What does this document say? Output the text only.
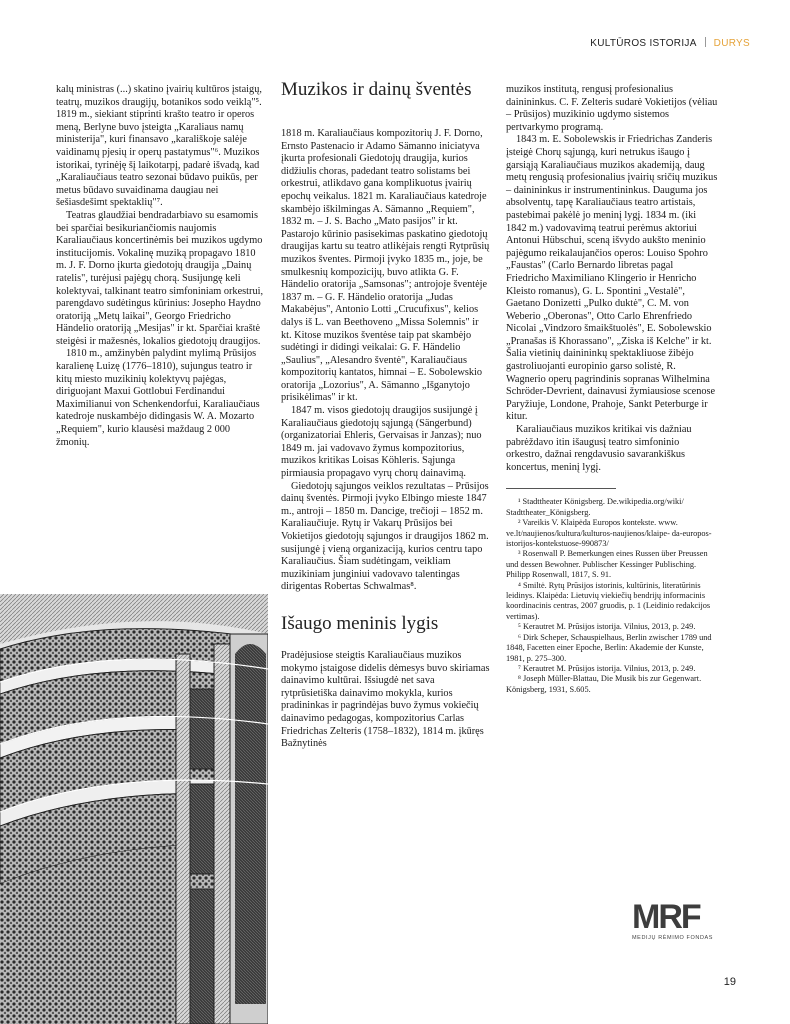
KULTŪROS ISTORIJA DURYS

kalų ministras (...) skatino įvairių kultūros įstaigų, teatrų, muzikos draugijų, botanikos sodo veiklą"⁵. 1819 m., siekiant stiprinti krašto teatro ir operos meną, Berlyne buvo įsteigta „Karaliaus namų ministerija", kuri finansavo „karališkoje salėje vaidinamų pjesių ir operų pastatymus"⁶. Muzikos istorikai, tyrinėję šį laikotarpį, padarė išvadą, kad „Karaliaučiaus teatro sezonai būdavo puikūs, per metus būdavo suvaidinama daugiau nei šešiasdešimt spektaklių"⁷.

Teatras glaudžiai bendradarbiavo su esamomis bei sparčiai besikuriančiomis naujomis Karaliaučiaus koncertinėmis bei muzikos ugdymo institucijomis. Vokalinę muziką propagavo 1810 m. J. F. Dorno įkurta giedotojų draugija „Dainų ratelis", turėjusi pajėgų chorą. Susijungę keli kolektyvai, talkinant teatro simfoniniam orkestrui, parengdavo sudėtingus kūrinius: Josepho Haydno oratoriją „Metų laikai", Georgo Friedricho Händelio oratoriją „Mesijas" ir kt. Sparčiai kraštė steigėsi ir mažesnės, lokalios giedotojų draugijos.

1810 m., amžinybėn palydint mylimą Prūsijos karalienę Luizę (1776–1810), sujungus teatro ir kitų miesto muzikinių kolektyvų pajėgas, diriguojant Maxui Gottlobui Ferdinandui Maximilianui von Schenkendorfui, Karaliaučiaus katedroje nuskambėjo didingasis W. A. Mozarto „Requiem", kurio klausėsi maždaug 2 000 žmonių.

Muzikos ir dainų šventės

1818 m. Karaliaučiaus kompozitorių J. F. Dorno, Ernsto Pastenacio ir Adamo Sämanno iniciatyva įkurta profesionali Giedotojų draugija, kurios didžiulis choras, padedant teatro solistams bei orkestrui, atlikdavo gana komplikuotus įvairių epochų veikalus. 1821 m. Karaliaučiaus katedroje skambėjo iškilmingas A. Sämanno „Requiem", 1832 m. – J. S. Bacho „Mato pasijos" ir kt. Pastarojo kūrinio pasisekimas paskatino giedotojų draugijas kartu su teatro atlikėjais rengti Rytprūsių muzikos šventes. Pirmoji įvyko 1835 m., joje, be smulkesnių kompozicijų, buvo atlikta G. F. Händelio oratorija „Samsonas"; antrojoje šventėje 1837 m. – G. F. Händelio oratorija „Judas Makabėjus", Antonio Lotti „Crucufixus", kelios dalys iš L. van Beethoveno „Missa Solemnis" ir kt. Kitose muzikos šventėse taip pat skambėjo sudėtingi ir didingi veikalai: G. F. Händelio „Saulius", „Alesandro šventė", Karaliaučiaus kompozitorių kantatos, himnai – E. Sobolewskio oratorija „Lozorius", A. Sämanno „Išganytojo prisikėlimas" ir kt.

1847 m. visos giedotojų draugijos susijungė į Karaliaučiaus giedotojų sąjungą (Sängerbund) (organizatoriai Ehleris, Gervaisas ir Janzas); nuo 1849 m. jai vadovavo žymus kompozitorius, muzikos kritikas Loisas Köhleris. Sąjunga pirmiausia propagavo vyrų chorų dainavimą.

Giedotojų sąjungos veiklos rezultatas – Prūsijos dainų šventės. Pirmoji įvyko Elbingo mieste 1847 m., antroji – 1850 m. Dancige, trečioji – 1852 m. Karaliaučiuje. Rytų ir Vakarų Prūsijos bei Vokietijos giedotojų sąjungos ir draugijos 1862 m. susijungė į vieną organizaciją, kurios centru tapo Karaliaučius. Šiam sudėtingam, veikliam muzikiniam junginiui vadovavo talentingas dirigentas Robertas Schwalmas⁸.

Išaugo meninis lygis

Pradėjusiose steigtis Karaliaučiaus muzikos mokymo įstaigose didelis dėmesys buvo skiriamas dainavimo kultūrai. Išsiugdė net sava rytprūsietiška dainavimo mokykla, kurios pradininkas ir pagrindėjas buvo žymus vokiečių dainavimo pedagogas, kompozitorius Carlas Friedrichas Zelteris (1758–1832), 1814 m. įkūręs Bažnytinės

muzikos institutą, rengusį profesionalius dainininkus. C. F. Zelteris sudarė Vokietijos (vėliau – Prūsijos) muzikinio ugdymo sistemos pertvarkymo programą.

1843 m. E. Sobolewskis ir Friedrichas Zanderis įsteigė Chorų sąjungą, kuri netrukus išaugo į garsiąją Karaliaučiaus muzikos akademiją, daug metų rengusią profesionalius įvairių sričių muzikus – dainininkus ir instrumentininkus. Dauguma jos absolventų, tapę Karaliaučiaus teatro artistais, pastebimai pakėlė jo meninį lygį. 1834 m. (iki 1842 m.) vadovavimą teatrui perėmus aktoriui Antonui Hübschui, sceną išvydo aukšto meninio pajėgumo reikalaujančios operos: Louiso Spohro „Faustas" (Carlo Bernardo libretas pagal Friedricho Maximiliano Klingerio ir Henricho Kleisto romanus), G. L. Spontini „Vestalė", Gaetano Donizetti „Pulko duktė", C. M. von Weberio „Oberonas", Otto Carlo Ehrenfriedo Nicolai „Vindzoro šmaikštuolės", E. Sobolewskio „Pranašas iš Khorassano", „Ziska iš Kelche" ir kt. Šalia vietinių dainininkų spektakliuose žibėjo gastroliuojanti europinio garso solistė, R. Wagnerio operų pagrindinis sopranas Wilhelmina Schröder-Devrient, dainavusi žymiausiose scenose Paryžiuje, Londone, Prahoje, Sankt Peterburge ir kitur.

Karaliaučiaus muzikos kritikai vis dažniau pabrėždavo itin išaugusį teatro simfoninio orkestro, dažnai rengdavusio savarankiškus koncertus, meninį lygį.

¹ Stadttheater Königsberg. De.wikipedia.org/wiki/ Stadttheater_Königsberg.

² Vareikis V. Klaipėda Europos kontekste. www. ve.lt/naujienos/kultura/kulturos-naujienos/klaipe- da-europos-istorijos-kontekstuose-990873/

³ Rosenwall P. Bemerkungen eines Russen über Preussen und dessen Bewohner. Publischer Kessinger Publisching. Philipp Rosenwall, 1817, S. 91.

⁴ Smiltė. Rytų Prūsijos istorinis, kultūrinis, literatūrinis leidinys. Klaipėda: Lietuvių viekiečių bendrijų informacinis koordinacinis centras, 2007 gruodis, p. 1 (Leidinio redakcijos vertimas).

⁵ Kerautret M. Prūsijos istorija. Vilnius, 2013, p. 249.

⁶ Dirk Scheper, Schauspielhaus, Berlin zwischer 1789 und 1848, Facetten einer Epoche, Berlin: Akademie der Kunste, 1981, p. 275–300.

⁷ Kerautret M. Prūsijos istorija. Vilnius, 2013, p. 249.

⁸ Joseph Müller-Blattau, Die Musik bis zur Gegenwart. Königsberg, 1931, S.605.

MRF
MEDIJŲ RĖMIMO FONDAS
19
